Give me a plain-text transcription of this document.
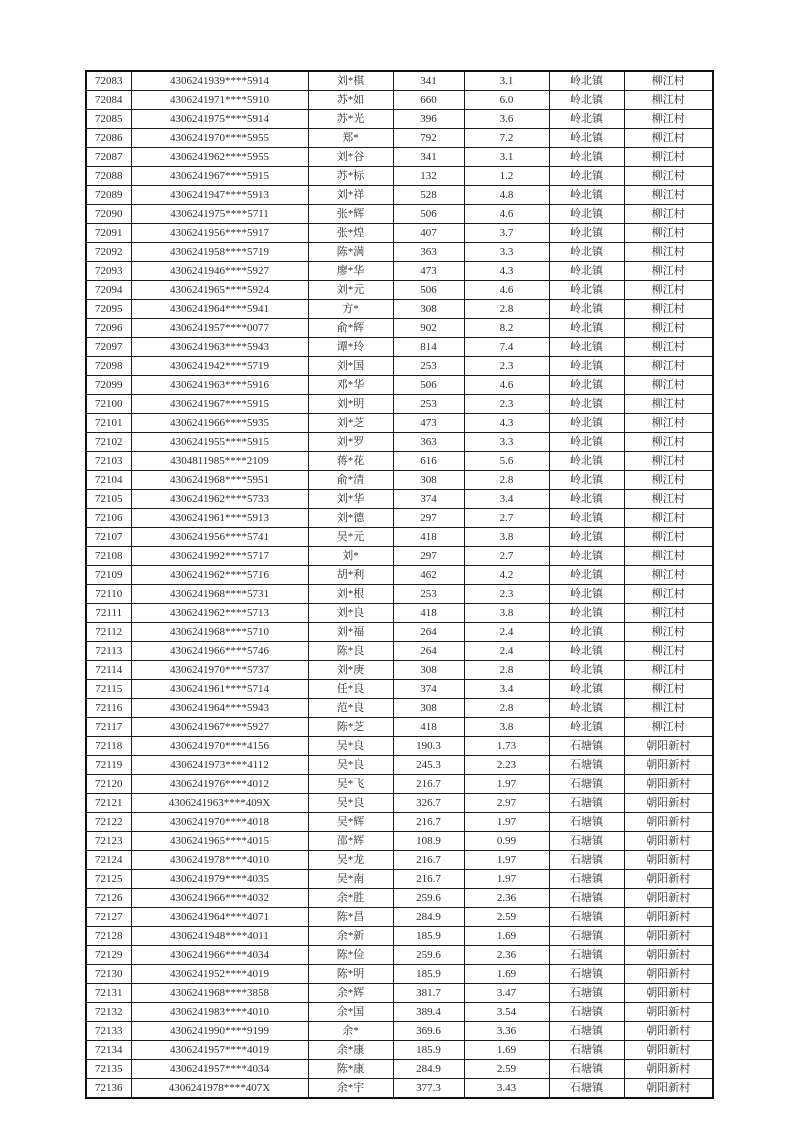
72083	4306241939****5914	刘*棋	341	3.1	岭北镇	柳江村
72084	4306241971****5910	苏*如	660	6.0	岭北镇	柳江村
72085	4306241975****5914	苏*光	396	3.6	岭北镇	柳江村
72086	4306241970****5955	郑*	792	7.2	岭北镇	柳江村
72087	4306241962****5955	刘*谷	341	3.1	岭北镇	柳江村
72088	4306241967****5915	苏*标	132	1.2	岭北镇	柳江村
72089	4306241947****5913	刘*祥	528	4.8	岭北镇	柳江村
72090	4306241975****5711	张*辉	506	4.6	岭北镇	柳江村
72091	4306241956****5917	张*煌	407	3.7	岭北镇	柳江村
72092	4306241958****5719	陈*满	363	3.3	岭北镇	柳江村
72093	4306241946****5927	廖*华	473	4.3	岭北镇	柳江村
72094	4306241965****5924	刘*元	506	4.6	岭北镇	柳江村
72095	4306241964****5941	方*	308	2.8	岭北镇	柳江村
72096	4306241957****0077	俞*辉	902	8.2	岭北镇	柳江村
72097	4306241963****5943	谭*玲	814	7.4	岭北镇	柳江村
72098	4306241942****5719	刘*国	253	2.3	岭北镇	柳江村
72099	4306241963****5916	邓*华	506	4.6	岭北镇	柳江村
72100	4306241967****5915	刘*明	253	2.3	岭北镇	柳江村
72101	4306241966****5935	刘*芝	473	4.3	岭北镇	柳江村
72102	4306241955****5915	刘*罗	363	3.3	岭北镇	柳江村
72103	4304811985****2109	蒋*花	616	5.6	岭北镇	柳江村
72104	4306241968****5951	俞*清	308	2.8	岭北镇	柳江村
72105	4306241962****5733	刘*华	374	3.4	岭北镇	柳江村
72106	4306241961****5913	刘*德	297	2.7	岭北镇	柳江村
72107	4306241956****5741	吴*元	418	3.8	岭北镇	柳江村
72108	4306241992****5717	刘*	297	2.7	岭北镇	柳江村
72109	4306241962****5716	胡*利	462	4.2	岭北镇	柳江村
72110	4306241968****5731	刘*根	253	2.3	岭北镇	柳江村
72111	4306241962****5713	刘*良	418	3.8	岭北镇	柳江村
72112	4306241968****5710	刘*福	264	2.4	岭北镇	柳江村
72113	4306241966****5746	陈*良	264	2.4	岭北镇	柳江村
72114	4306241970****5737	刘*庚	308	2.8	岭北镇	柳江村
72115	4306241961****5714	任*良	374	3.4	岭北镇	柳江村
72116	4306241964****5943	范*良	308	2.8	岭北镇	柳江村
72117	4306241967****5927	陈*芝	418	3.8	岭北镇	柳江村
72118	4306241970****4156	吴*良	190.3	1.73	石塘镇	朝阳新村
72119	4306241973****4112	吴*良	245.3	2.23	石塘镇	朝阳新村
72120	4306241976****4012	吴*飞	216.7	1.97	石塘镇	朝阳新村
72121	4306241963****409X	吴*良	326.7	2.97	石塘镇	朝阳新村
72122	4306241970****4018	吴*辉	216.7	1.97	石塘镇	朝阳新村
72123	4306241965****4015	邵*辉	108.9	0.99	石塘镇	朝阳新村
72124	4306241978****4010	吴*龙	216.7	1.97	石塘镇	朝阳新村
72125	4306241979****4035	吴*南	216.7	1.97	石塘镇	朝阳新村
72126	4306241966****4032	余*胜	259.6	2.36	石塘镇	朝阳新村
72127	4306241964****4071	陈*昌	284.9	2.59	石塘镇	朝阳新村
72128	4306241948****4011	余*新	185.9	1.69	石塘镇	朝阳新村
72129	4306241966****4034	陈*俭	259.6	2.36	石塘镇	朝阳新村
72130	4306241952****4019	陈*明	185.9	1.69	石塘镇	朝阳新村
72131	4306241968****3858	余*辉	381.7	3.47	石塘镇	朝阳新村
72132	4306241983****4010	余*国	389.4	3.54	石塘镇	朝阳新村
72133	4306241990****9199	余*	369.6	3.36	石塘镇	朝阳新村
72134	4306241957****4019	余*康	185.9	1.69	石塘镇	朝阳新村
72135	4306241957****4034	陈*康	284.9	2.59	石塘镇	朝阳新村
72136	4306241978****407X	余*宇	377.3	3.43	石塘镇	朝阳新村
